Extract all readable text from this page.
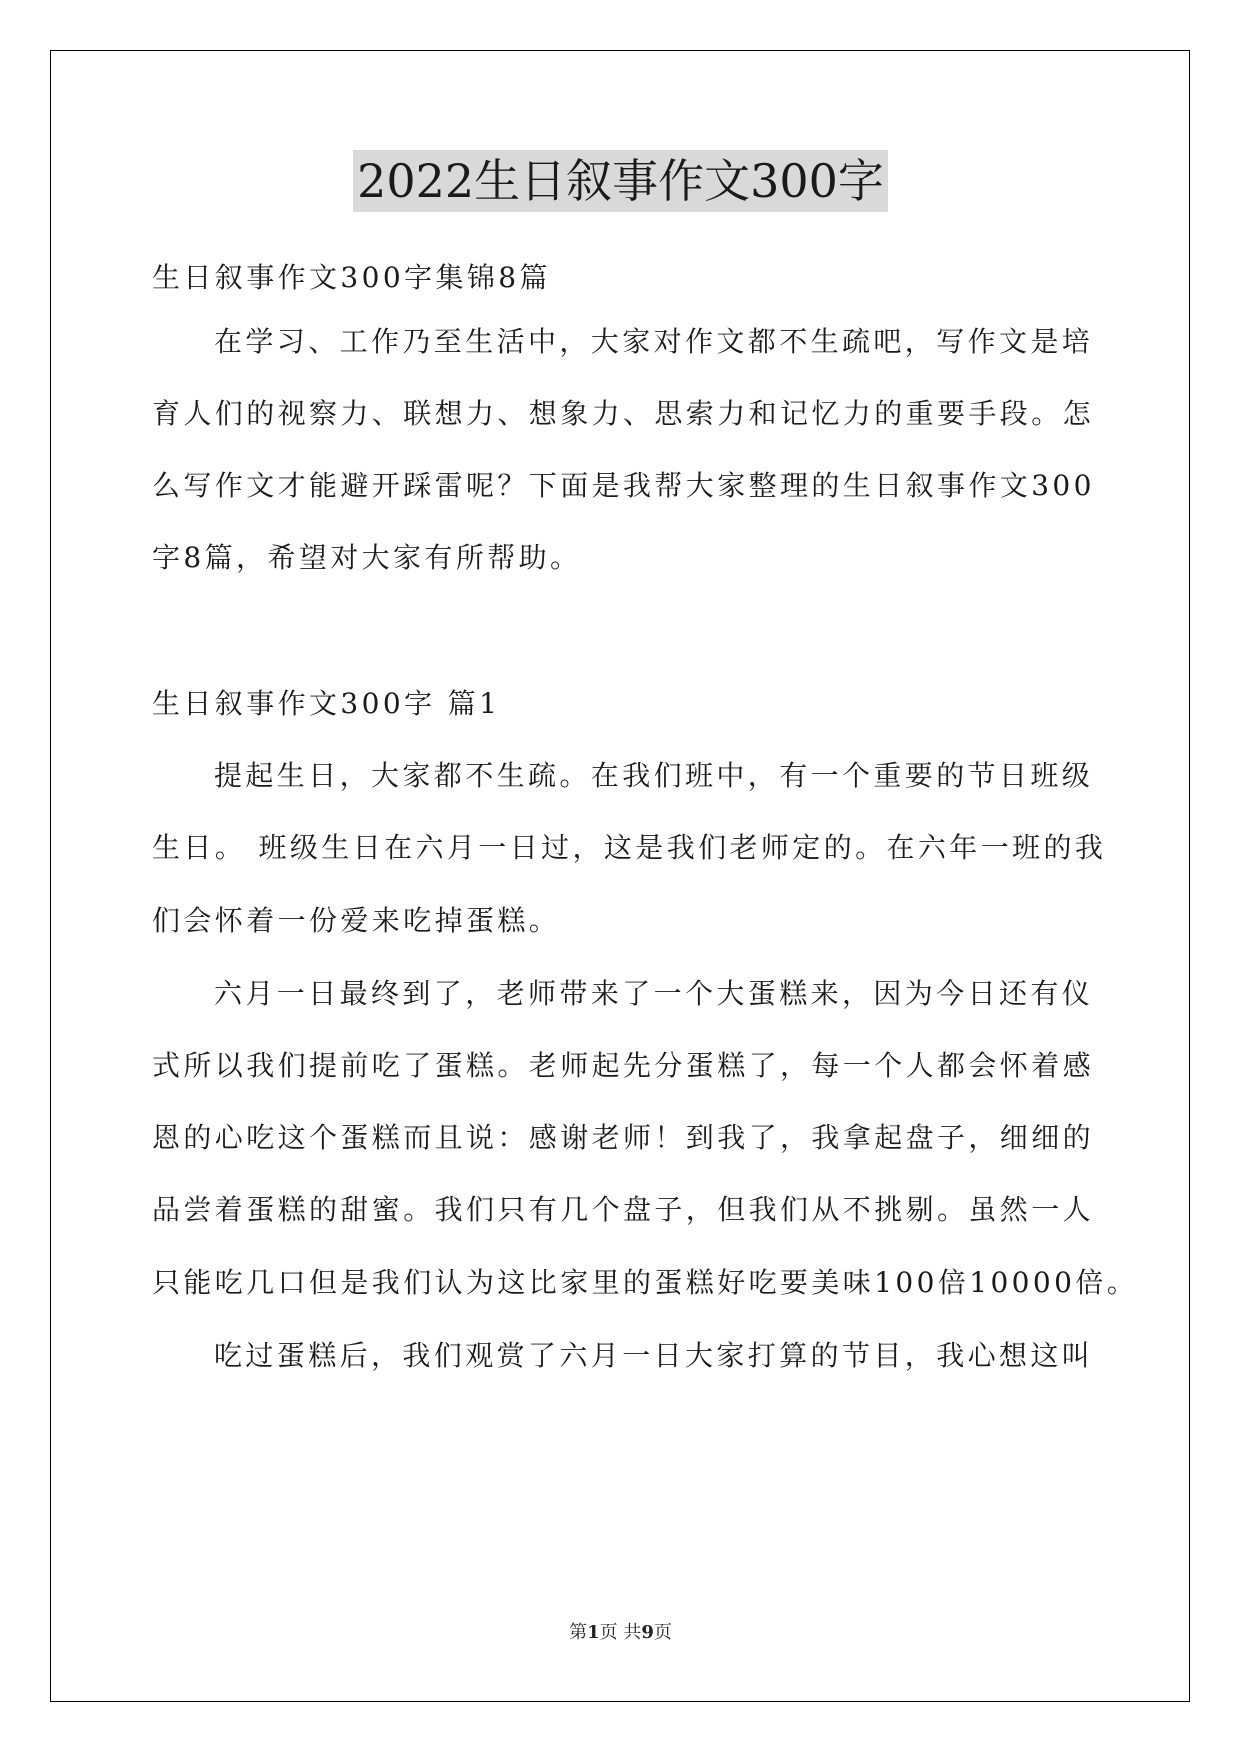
2022生日叙事作文300字
生日叙事作文300字集锦8篇
在学习、工作乃至生活中，大家对作文都不生疏吧，写作文是培
育人们的视察力、联想力、想象力、思索力和记忆力的重要手段。怎
么写作文才能避开踩雷呢？下面是我帮大家整理的生日叙事作文300
字8篇，希望对大家有所帮助。
生日叙事作文300字 篇1
提起生日，大家都不生疏。在我们班中，有一个重要的节日班级
生日。 班级生日在六月一日过，这是我们老师定的。在六年一班的我
们会怀着一份爱来吃掉蛋糕。
六月一日最终到了，老师带来了一个大蛋糕来，因为今日还有仪
式所以我们提前吃了蛋糕。老师起先分蛋糕了，每一个人都会怀着感
恩的心吃这个蛋糕而且说：感谢老师！到我了，我拿起盘子，细细的
品尝着蛋糕的甜蜜。我们只有几个盘子，但我们从不挑剔。虽然一人
只能吃几口但是我们认为这比家里的蛋糕好吃要美味100倍10000倍。
吃过蛋糕后，我们观赏了六月一日大家打算的节目，我心想这叫
第1页 共9页
